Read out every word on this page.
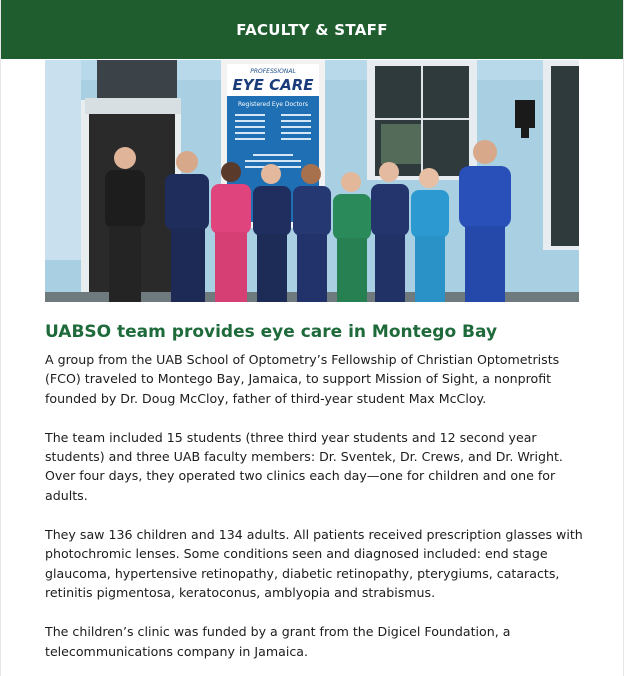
FACULTY & STAFF
PROFESSIONAL
EYE CARE
Registered Eye Doctors
UABSO team provides eye care in Montego Bay

A group from the UAB School of Optometry’s Fellowship of Christian Optometrists (FCO) traveled to Montego Bay, Jamaica, to support Mission of Sight, a nonprofit founded by Dr. Doug McCloy, father of third-year student Max McCloy.

The team included 15 students (three third year students and 12 second year students) and three UAB faculty members: Dr. Sventek, Dr. Crews, and Dr. Wright. Over four days, they operated two clinics each day—one for children and one for adults.

They saw 136 children and 134 adults. All patients received prescription glasses with photochromic lenses. Some conditions seen and diagnosed included: end stage glaucoma, hypertensive retinopathy, diabetic retinopathy, pterygiums, cataracts, retinitis pigmentosa, keratoconus, amblyopia and strabismus.

The children’s clinic was funded by a grant from the Digicel Foundation, a telecommunications company in Jamaica.
